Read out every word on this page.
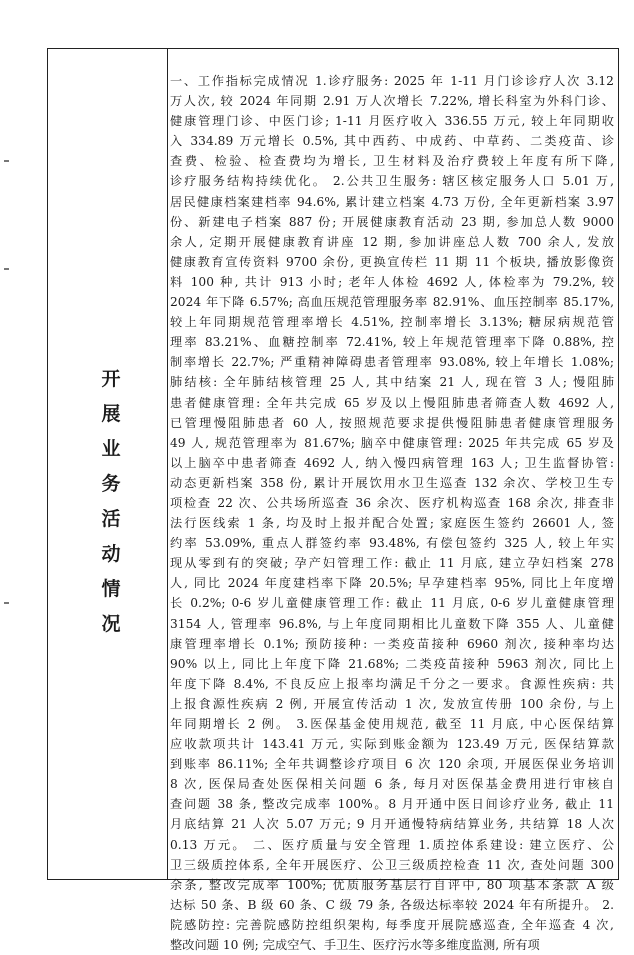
开
展
业
务
活
动
情
况
一、工作指标完成情况 1.诊疗服务: 2025 年 1-11 月门诊诊疗人次 3.12
万人次, 较 2024 年同期 2.91 万人次增长 7.22%, 增长科室为外科门诊、
健康管理门诊、中医门诊; 1-11 月医疗收入 336.55 万元, 较上年同期收
入 334.89 万元增长 0.5%, 其中西药、中成药、中草药、二类疫苗、诊
查费、检验、检查费均为增长, 卫生材料及治疗费较上年度有所下降,
诊疗服务结构持续优化。 2.公共卫生服务: 辖区核定服务人口 5.01 万,
居民健康档案建档率 94.6%, 累计建立档案 4.73 万份, 全年更新档案 3.97
份、新建电子档案 887 份; 开展健康教育活动 23 期, 参加总人数 9000
余人, 定期开展健康教育讲座 12 期, 参加讲座总人数 700 余人, 发放
健康教育宣传资料 9700 余份, 更换宣传栏 11 期 11 个板块, 播放影像资
料 100 种, 共计 913 小时; 老年人体检 4692 人, 体检率为 79.2%, 较
2024 年下降 6.57%; 高血压规范管理服务率 82.91%、血压控制率 85.17%,
较上年同期规范管理率增长 4.51%, 控制率增长 3.13%; 糖尿病规范管
理率 83.21%、血糖控制率 72.41%, 较上年规范管理率下降 0.88%, 控
制率增长 22.7%; 严重精神障碍患者管理率 93.08%, 较上年增长 1.08%;
肺结核: 全年肺结核管理 25 人, 其中结案 21 人, 现在管 3 人; 慢阻肺
患者健康管理: 全年共完成 65 岁及以上慢阻肺患者筛查人数 4692 人,
已管理慢阻肺患者 60 人, 按照规范要求提供慢阻肺患者健康管理服务
49 人, 规范管理率为 81.67%; 脑卒中健康管理: 2025 年共完成 65 岁及
以上脑卒中患者筛查 4692 人, 纳入慢四病管理 163 人; 卫生监督协管:
动态更新档案 358 份, 累计开展饮用水卫生巡查 132 余次、学校卫生专
项检查 22 次、公共场所巡查 36 余次、医疗机构巡查 168 余次, 排查非
法行医线索 1 条, 均及时上报并配合处置; 家庭医生签约 26601 人, 签
约率 53.09%, 重点人群签约率 93.48%, 有偿包签约 325 人, 较上年实
现从零到有的突破; 孕产妇管理工作: 截止 11 月底, 建立孕妇档案 278
人, 同比 2024 年度建档率下降 20.5%; 早孕建档率 95%, 同比上年度增
长 0.2%; 0-6 岁儿童健康管理工作: 截止 11 月底, 0-6 岁儿童健康管理
3154 人, 管理率 96.8%, 与上年度同期相比儿童数下降 355 人、儿童健
康管理率增长 0.1%; 预防接种: 一类疫苗接种 6960 剂次, 接种率均达
90% 以上, 同比上年度下降 21.68%; 二类疫苗接种 5963 剂次, 同比上
年度下降 8.4%, 不良反应上报率均满足千分之一要求。食源性疾病: 共
上报食源性疾病 2 例, 开展宣传活动 1 次, 发放宣传册 100 余份, 与上
年同期增长 2 例。 3.医保基金使用规范, 截至 11 月底, 中心医保结算
应收款项共计 143.41 万元, 实际到账金额为 123.49 万元, 医保结算款
到账率 86.11%; 全年共调整诊疗项目 6 次 120 余项, 开展医保业务培训
8 次, 医保局查处医保相关问题 6 条, 每月对医保基金费用进行审核自
查问题 38 条, 整改完成率 100%。8 月开通中医日间诊疗业务, 截止 11
月底结算 21 人次 5.07 万元; 9 月开通慢特病结算业务, 共结算 18 人次
0.13 万元。 二、医疗质量与安全管理 1.质控体系建设: 建立医疗、公
卫三级质控体系, 全年开展医疗、公卫三级质控检查 11 次, 查处问题 300
余条, 整改完成率 100%; 优质服务基层行自评中, 80 项基本条款 A 级
达标 50 条、B 级 60 条、C 级 79 条, 各级达标率较 2024 年有所提升。 2.
院感防控: 完善院感防控组织架构, 每季度开展院感巡查, 全年巡查 4 次,
整改问题 10 例; 完成空气、手卫生、医疗污水等多维度监测, 所有项
